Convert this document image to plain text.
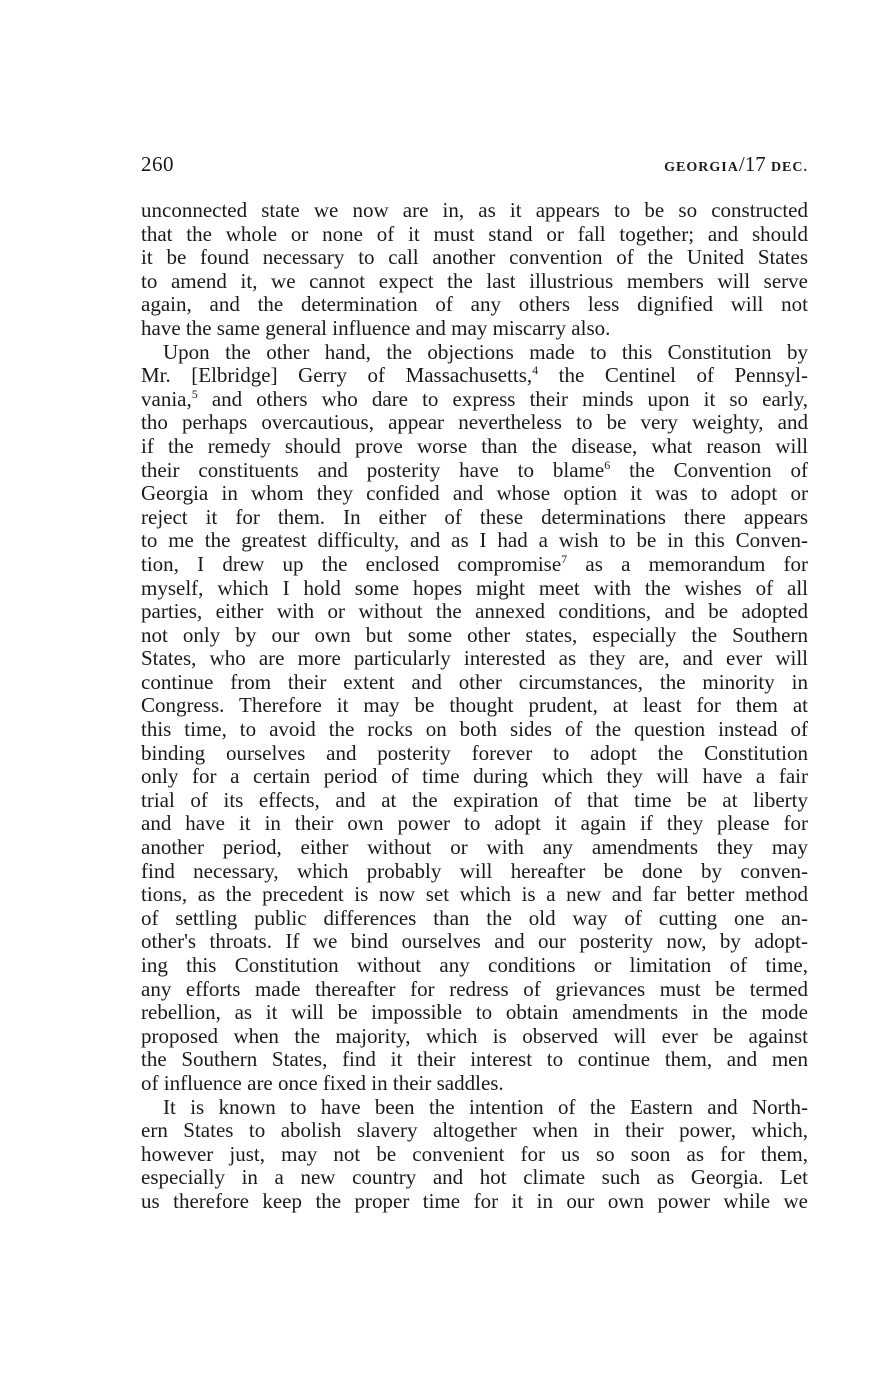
260	GEORGIA/17 DEC.
unconnected state we now are in, as it appears to be so constructed
that the whole or none of it must stand or fall together; and should
it be found necessary to call another convention of the United States
to amend it, we cannot expect the last illustrious members will serve
again, and the determination of any others less dignified will not
have the same general influence and may miscarry also.
Upon the other hand, the objections made to this Constitution by
Mr. [Elbridge] Gerry of Massachusetts,$^4$ the Centinel of Pennsyl-
vania,$^5$ and others who dare to express their minds upon it so early,
tho perhaps overcautious, appear nevertheless to be very weighty, and
if the remedy should prove worse than the disease, what reason will
their constituents and posterity have to blame$^6$ the Convention of
Georgia in whom they confided and whose option it was to adopt or
reject it for them. In either of these determinations there appears
to me the greatest difficulty, and as I had a wish to be in this Conven-
tion, I drew up the enclosed compromise$^7$ as a memorandum for
myself, which I hold some hopes might meet with the wishes of all
parties, either with or without the annexed conditions, and be adopted
not only by our own but some other states, especially the Southern
States, who are more particularly interested as they are, and ever will
continue from their extent and other circumstances, the minority in
Congress. Therefore it may be thought prudent, at least for them at
this time, to avoid the rocks on both sides of the question instead of
binding ourselves and posterity forever to adopt the Constitution
only for a certain period of time during which they will have a fair
trial of its effects, and at the expiration of that time be at liberty
and have it in their own power to adopt it again if they please for
another period, either without or with any amendments they may
find necessary, which probably will hereafter be done by conven-
tions, as the precedent is now set which is a new and far better method
of settling public differences than the old way of cutting one an-
other's throats. If we bind ourselves and our posterity now, by adopt-
ing this Constitution without any conditions or limitation of time,
any efforts made thereafter for redress of grievances must be termed
rebellion, as it will be impossible to obtain amendments in the mode
proposed when the majority, which is observed will ever be against
the Southern States, find it their interest to continue them, and men
of influence are once fixed in their saddles.
It is known to have been the intention of the Eastern and North-
ern States to abolish slavery altogether when in their power, which,
however just, may not be convenient for us so soon as for them,
especially in a new country and hot climate such as Georgia. Let
us therefore keep the proper time for it in our own power while we
